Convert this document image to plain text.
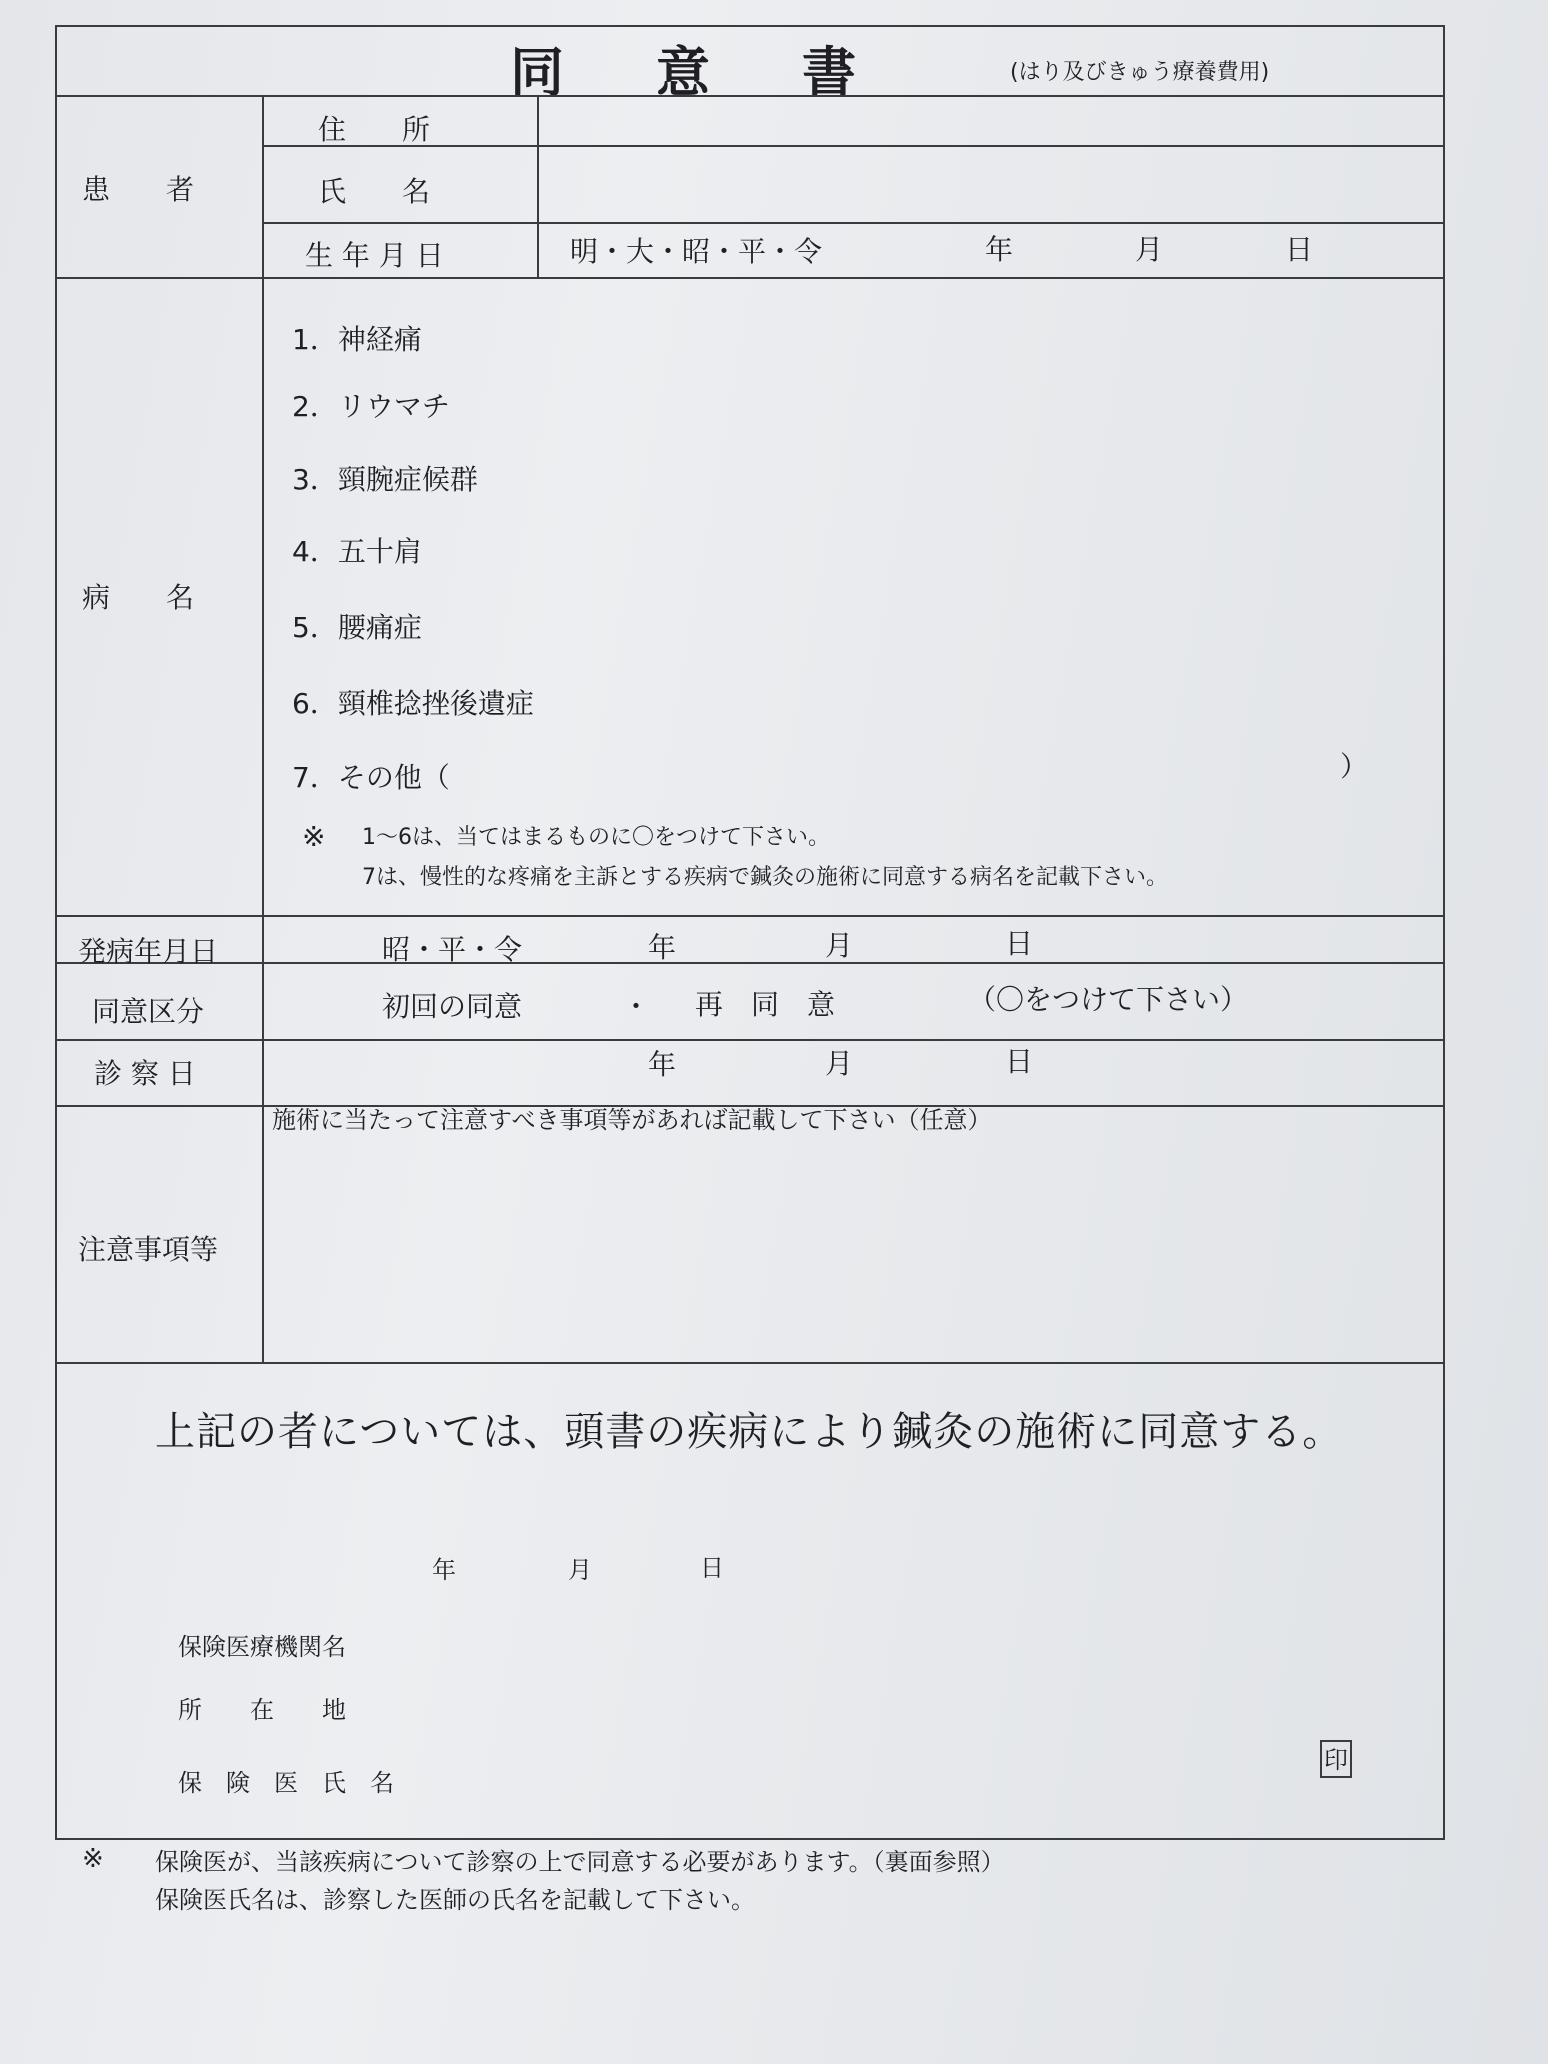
同意書	(はり及びきゅう療養費用)
患　　者
住　　所
氏　　名
生 年 月 日	明・大・昭・平・令	年	月	日
病　　名
1．神経痛
2．リウマチ
3．頸腕症候群
4．五十肩
5．腰痛症
6．頸椎捻挫後遺症
7．その他（	）
※ 1～6は、当てはまるものに〇をつけて下さい。
7は、慢性的な疼痛を主訴とする疾病で鍼灸の施術に同意する病名を記載下さい。
発病年月日	昭・平・令	年	月	日
同意区分	初回の同意	・ 再　同　意	（〇をつけて下さい）
診 察 日	年	月	日
注意事項等
施術に当たって注意すべき事項等があれば記載して下さい（任意）
上記の者については、頭書の疾病により鍼灸の施術に同意する。
年	月	日
保険医療機関名
所　　在　　地
保　険　医　氏　名
印
※ 保険医が、当該疾病について診察の上で同意する必要があります。（裏面参照）
保険医氏名は、診察した医師の氏名を記載して下さい。
